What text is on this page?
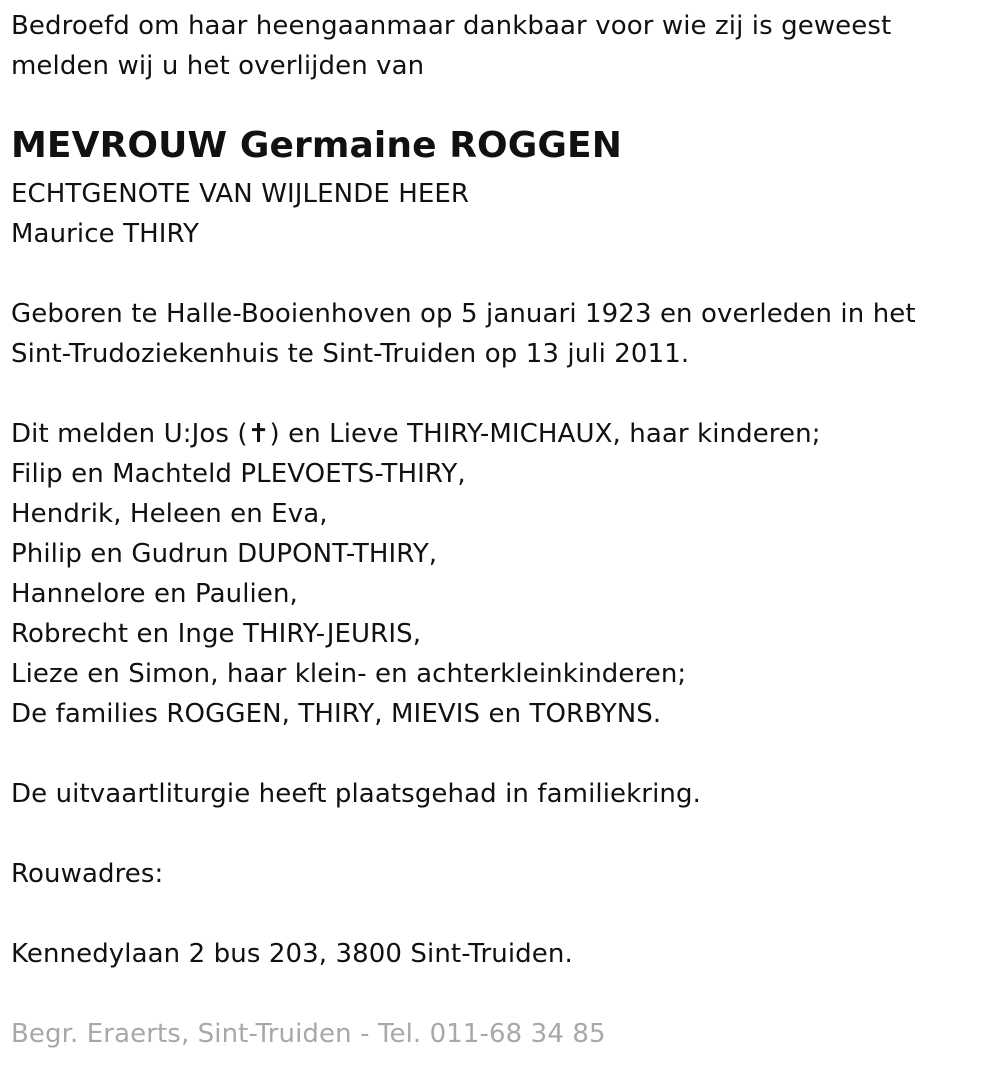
Bedroefd om haar heengaanmaar dankbaar voor wie zij is geweest
melden wij u het overlijden van
MEVROUW Germaine ROGGEN
ECHTGENOTE VAN WIJLENDE HEER
Maurice THIRY
Geboren te Halle-Booienhoven op 5 januari 1923 en overleden in het
Sint-Trudoziekenhuis te Sint-Truiden op 13 juli 2011.
Dit melden U:Jos (✝) en Lieve THIRY-MICHAUX, haar kinderen;
Filip en Machteld PLEVOETS-THIRY,
Hendrik, Heleen en Eva,
Philip en Gudrun DUPONT-THIRY,
Hannelore en Paulien,
Robrecht en Inge THIRY-JEURIS,
Lieze en Simon, haar klein- en achterkleinkinderen;
De families ROGGEN, THIRY, MIEVIS en TORBYNS.
De uitvaartliturgie heeft plaatsgehad in familiekring.
Rouwadres:
Kennedylaan 2 bus 203, 3800 Sint-Truiden.
Begr. Eraerts, Sint-Truiden - Tel. 011-68 34 85
